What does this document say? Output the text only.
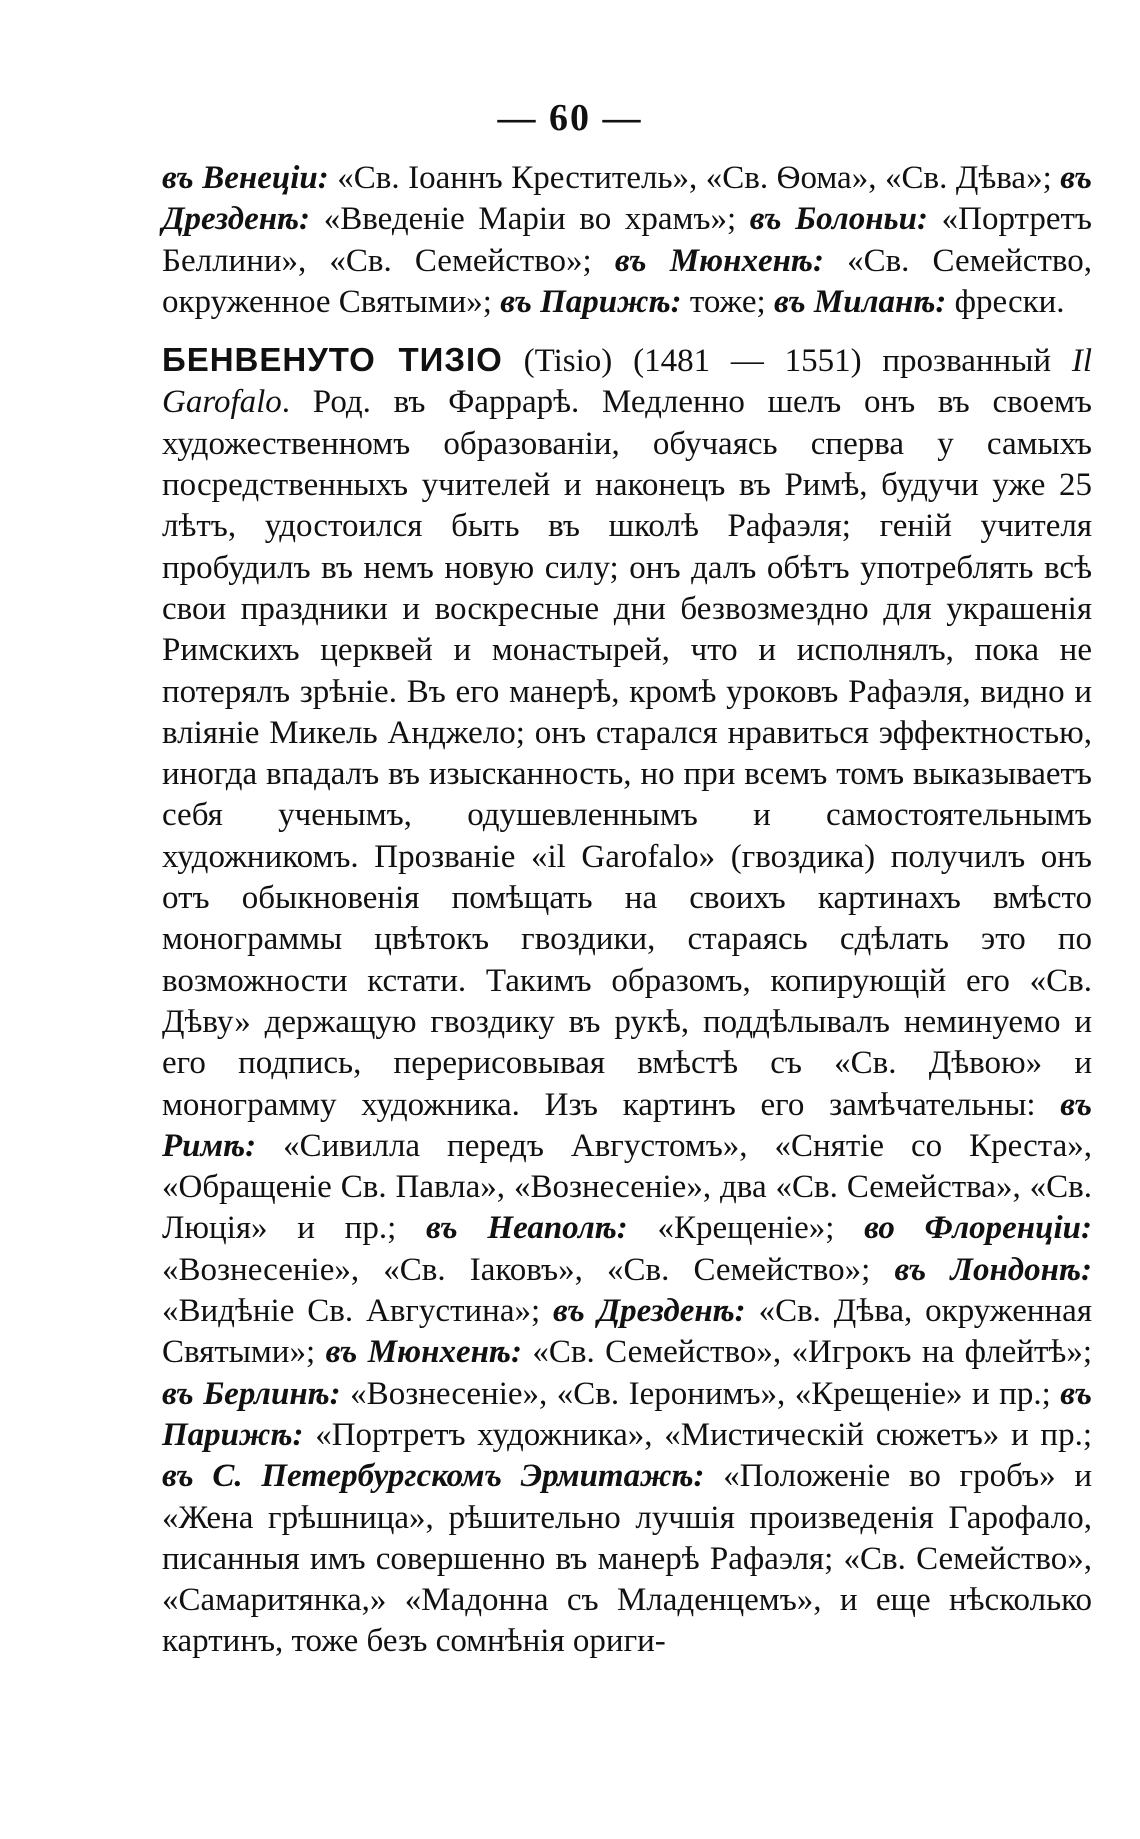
— 60 —

въ Венеціи: «Св. Іоаннъ Креститель», «Св. Ѳома», «Св. Дѣва»; въ Дрезденѣ: «Введеніе Маріи во храмъ»; въ Болоньи: «Портретъ Беллини», «Св. Семейство»; въ Мюнхенѣ: «Св. Семейство, окруженное Святыми»; въ Парижѣ: тоже; въ Миланѣ: фрески.

БЕНВЕНУТО ТИЗІО (Tisio) (1481 — 1551) прозванный Il Garofalo. Род. въ Фаррарѣ. Медленно шелъ онъ въ своемъ художественномъ образованіи, обучаясь сперва у самыхъ посредственныхъ учителей и наконецъ въ Римѣ, будучи уже 25 лѣтъ, удостоился быть въ школѣ Рафаэля; геній учителя пробудилъ въ немъ новую силу; онъ далъ обѣтъ употреблять всѣ свои праздники и воскресные дни безвозмездно для украшенія Римскихъ церквей и монастырей, что и исполнялъ, пока не потерялъ зрѣніе. Въ его манерѣ, кромѣ уроковъ Рафаэля, видно и вліяніе Микель Анджело; онъ старался нравиться эффектностью, иногда впадалъ въ изысканность, но при всемъ томъ выказываетъ себя ученымъ, одушевленнымъ и самостоятельнымъ художникомъ. Прозваніе «il Garofalo» (гвоздика) получилъ онъ отъ обыкновенія помѣщать на своихъ картинахъ вмѣсто монограммы цвѣтокъ гвоздики, стараясь сдѣлать это по возможности кстати. Такимъ образомъ, копирующій его «Св. Дѣву» держащую гвоздику въ рукѣ, поддѣлывалъ неминуемо и его подпись, перерисовывая вмѣстѣ съ «Св. Дѣвою» и монограмму художника. Изъ картинъ его замѣчательны: въ Римѣ: «Сивилла передъ Августомъ», «Снятіе со Креста», «Обращеніе Св. Павла», «Вознесеніе», два «Св. Семейства», «Св. Люція» и пр.; въ Неаполѣ: «Крещеніе»; во Флоренціи: «Вознесеніе», «Св. Іаковъ», «Св. Семейство»; въ Лондонѣ: «Видѣніе Св. Августина»; въ Дрезденѣ: «Св. Дѣва, окруженная Святыми»; въ Мюнхенѣ: «Св. Семейство», «Игрокъ на флейтѣ»; въ Берлинѣ: «Вознесеніе», «Св. Іеронимъ», «Крещеніе» и пр.; въ Парижѣ: «Портретъ художника», «Мистическій сюжетъ» и пр.; въ С. Петербургскомъ Эрмитажѣ: «Положеніе во гробъ» и «Жена грѣшница», рѣшительно лучшія произведенія Гарофало, писанныя имъ совершенно въ манерѣ Рафаэля; «Св. Семейство», «Самаритянка,» «Мадонна съ Младенцемъ», и еще нѣсколько картинъ, тоже безъ сомнѣнія ориги-
